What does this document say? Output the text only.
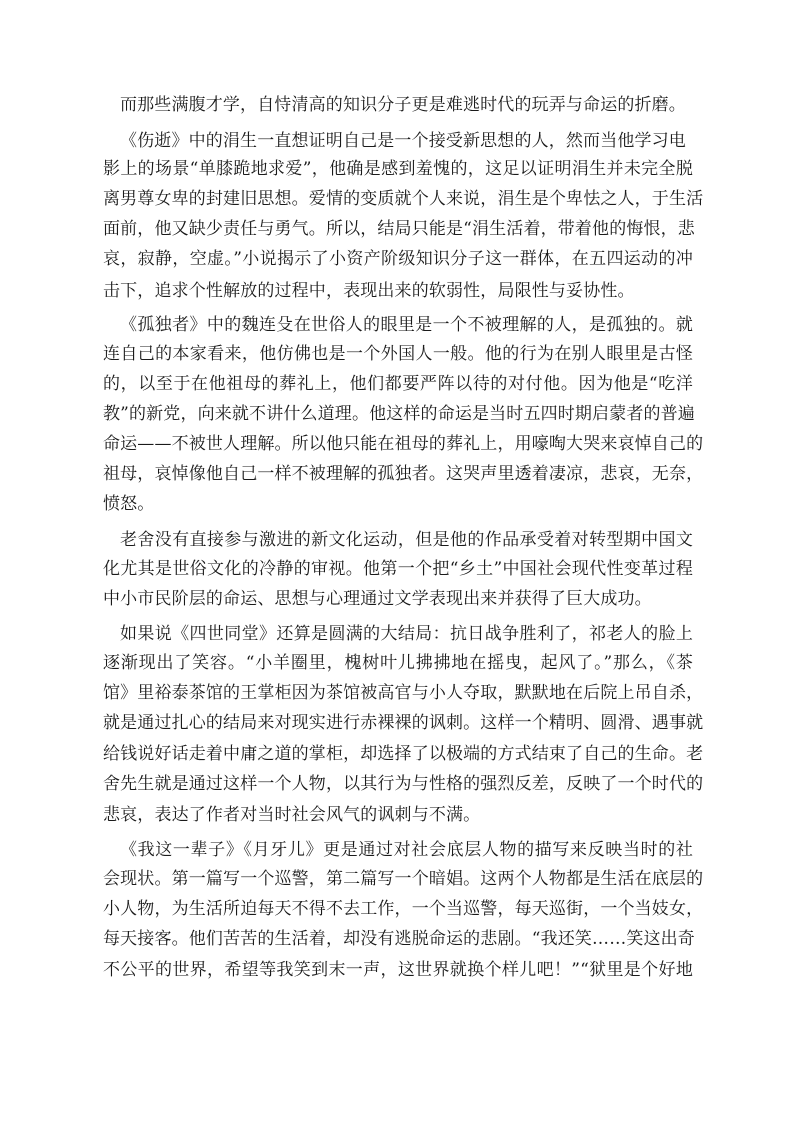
而那些满腹才学，自恃清高的知识分子更是难逃时代的玩弄与命运的折磨。
《伤逝》中的涓生一直想证明自己是一个接受新思想的人，然而当他学习电
影上的场景“单膝跪地求爱”，他确是感到羞愧的，这足以证明涓生并未完全脱
离男尊女卑的封建旧思想。爱情的变质就个人来说，涓生是个卑怯之人，于生活
面前，他又缺少责任与勇气。所以，结局只能是“涓生活着，带着他的悔恨，悲
哀，寂静，空虚。”小说揭示了小资产阶级知识分子这一群体，在五四运动的冲
击下，追求个性解放的过程中，表现出来的软弱性，局限性与妥协性。
《孤独者》中的魏连殳在世俗人的眼里是一个不被理解的人，是孤独的。就
连自己的本家看来，他仿佛也是一个外国人一般。他的行为在别人眼里是古怪
的，以至于在他祖母的葬礼上，他们都要严阵以待的对付他。因为他是“吃洋
教”的新党，向来就不讲什么道理。他这样的命运是当时五四时期启蒙者的普遍
命运——不被世人理解。所以他只能在祖母的葬礼上，用嚎啕大哭来哀悼自己的
祖母，哀悼像他自己一样不被理解的孤独者。这哭声里透着凄凉，悲哀，无奈，
愤怒。
老舍没有直接参与激进的新文化运动，但是他的作品承受着对转型期中国文
化尤其是世俗文化的冷静的审视。他第一个把“乡土”中国社会现代性变革过程
中小市民阶层的命运、思想与心理通过文学表现出来并获得了巨大成功。
如果说《四世同堂》还算是圆满的大结局：抗日战争胜利了，祁老人的脸上
逐渐现出了笑容。“小羊圈里，槐树叶儿拂拂地在摇曳，起风了。”那么，《茶
馆》里裕泰茶馆的王掌柜因为茶馆被高官与小人夺取，默默地在后院上吊自杀，
就是通过扎心的结局来对现实进行赤裸裸的讽刺。这样一个精明、圆滑、遇事就
给钱说好话走着中庸之道的掌柜，却选择了以极端的方式结束了自己的生命。老
舍先生就是通过这样一个人物，以其行为与性格的强烈反差，反映了一个时代的
悲哀，表达了作者对当时社会风气的讽刺与不满。
《我这一辈子》《月牙儿》更是通过对社会底层人物的描写来反映当时的社
会现状。第一篇写一个巡警，第二篇写一个暗娼。这两个人物都是生活在底层的
小人物，为生活所迫每天不得不去工作，一个当巡警，每天巡街，一个当妓女，
每天接客。他们苦苦的生活着，却没有逃脱命运的悲剧。“我还笑……笑这出奇
不公平的世界，希望等我笑到末一声，这世界就换个样儿吧！”“狱里是个好地
